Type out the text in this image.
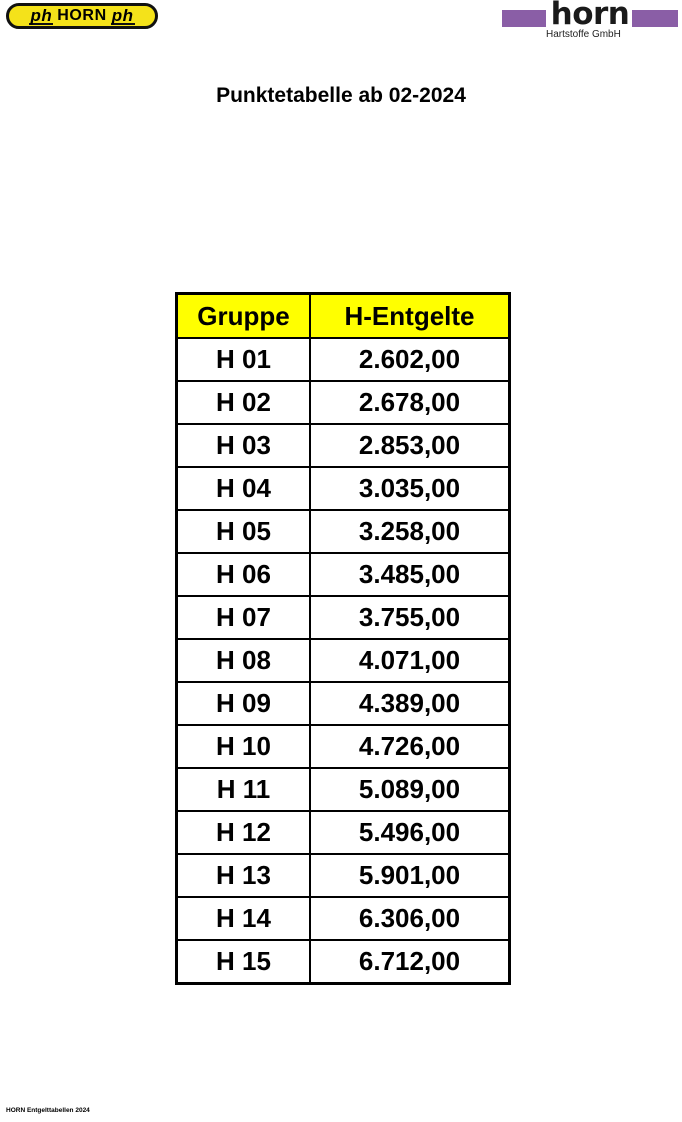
ph HORN ph	horn
Hartstoffe GmbH
Punktetabelle ab 02-2024
Gruppe	H-Entgelte
H 01	2.602,00
H 02	2.678,00
H 03	2.853,00
H 04	3.035,00
H 05	3.258,00
H 06	3.485,00
H 07	3.755,00
H 08	4.071,00
H 09	4.389,00
H 10	4.726,00
H 11	5.089,00
H 12	5.496,00
H 13	5.901,00
H 14	6.306,00
H 15	6.712,00
HORN Entgelttabellen 2024
